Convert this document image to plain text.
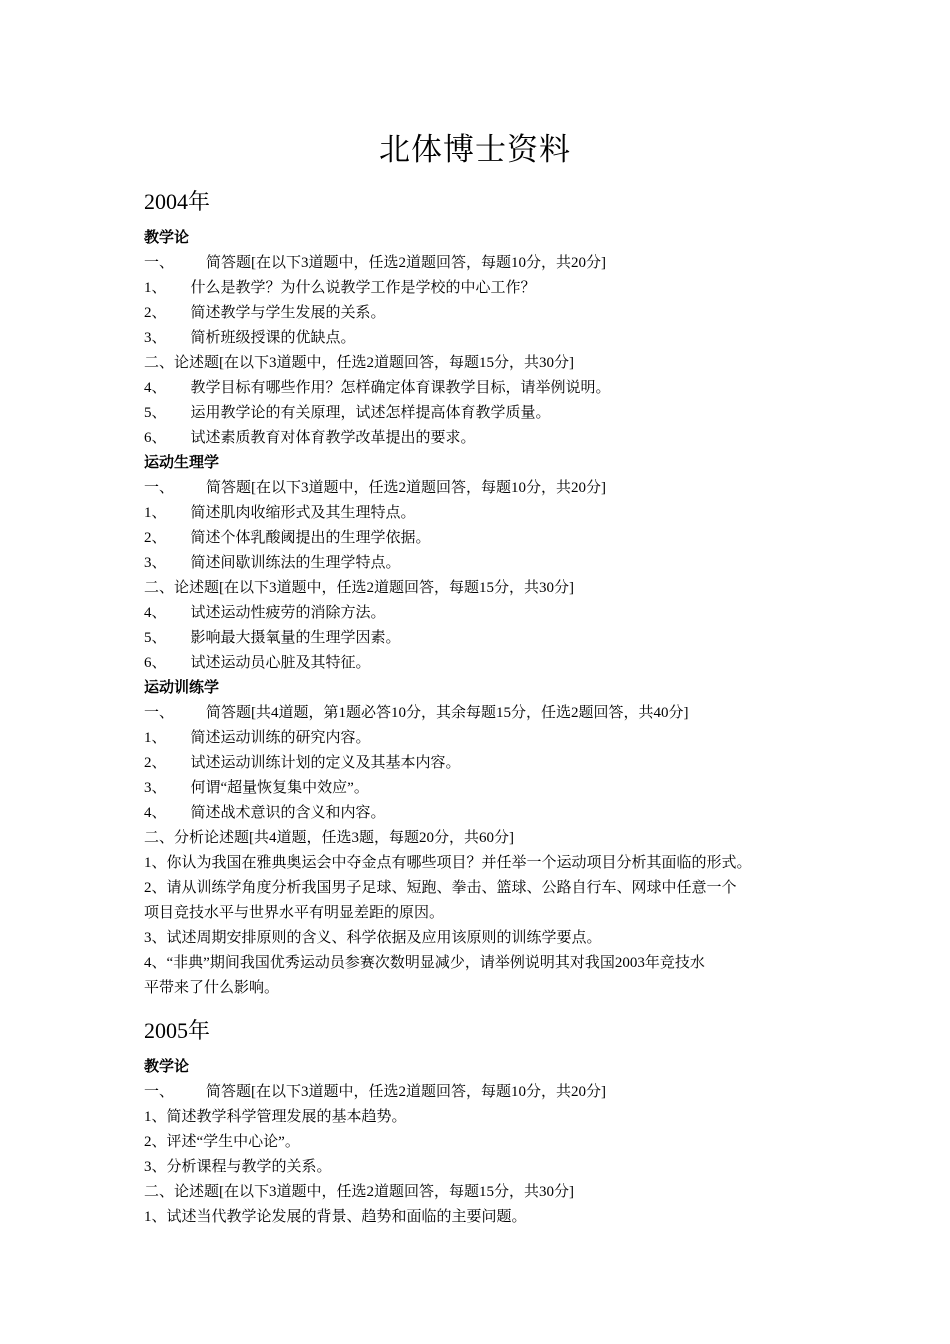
北体博士资料
2004年
教学论
一、 简答题[在以下3道题中，任选2道题回答，每题10分，共20分]
1、 什么是教学？为什么说教学工作是学校的中心工作？
2、 简述教学与学生发展的关系。
3、 简析班级授课的优缺点。
二、论述题[在以下3道题中，任选2道题回答，每题15分，共30分]
4、 教学目标有哪些作用？怎样确定体育课教学目标，请举例说明。
5、 运用教学论的有关原理，试述怎样提高体育教学质量。
6、 试述素质教育对体育教学改革提出的要求。
运动生理学
一、 简答题[在以下3道题中，任选2道题回答，每题10分，共20分]
1、 简述肌肉收缩形式及其生理特点。
2、 简述个体乳酸阈提出的生理学依据。
3、 简述间歇训练法的生理学特点。
二、论述题[在以下3道题中，任选2道题回答，每题15分，共30分]
4、 试述运动性疲劳的消除方法。
5、 影响最大摄氧量的生理学因素。
6、 试述运动员心脏及其特征。
运动训练学
一、 简答题[共4道题，第1题必答10分，其余每题15分，任选2题回答，共40分]
1、 简述运动训练的研究内容。
2、 试述运动训练计划的定义及其基本内容。
3、 何谓“超量恢复集中效应”。
4、 简述战术意识的含义和内容。
二、分析论述题[共4道题，任选3题，每题20分，共60分]
1、你认为我国在雅典奥运会中夺金点有哪些项目？并任举一个运动项目分析其面临的形式。
2、请从训练学角度分析我国男子足球、短跑、拳击、篮球、公路自行车、网球中任意一个
项目竞技水平与世界水平有明显差距的原因。
3、试述周期安排原则的含义、科学依据及应用该原则的训练学要点。
4、“非典”期间我国优秀运动员参赛次数明显减少，请举例说明其对我国2003年竞技水
平带来了什么影响。
2005年
教学论
一、 简答题[在以下3道题中，任选2道题回答，每题10分，共20分]
1、简述教学科学管理发展的基本趋势。
2、评述“学生中心论”。
3、分析课程与教学的关系。
二、论述题[在以下3道题中，任选2道题回答，每题15分，共30分]
1、试述当代教学论发展的背景、趋势和面临的主要问题。
